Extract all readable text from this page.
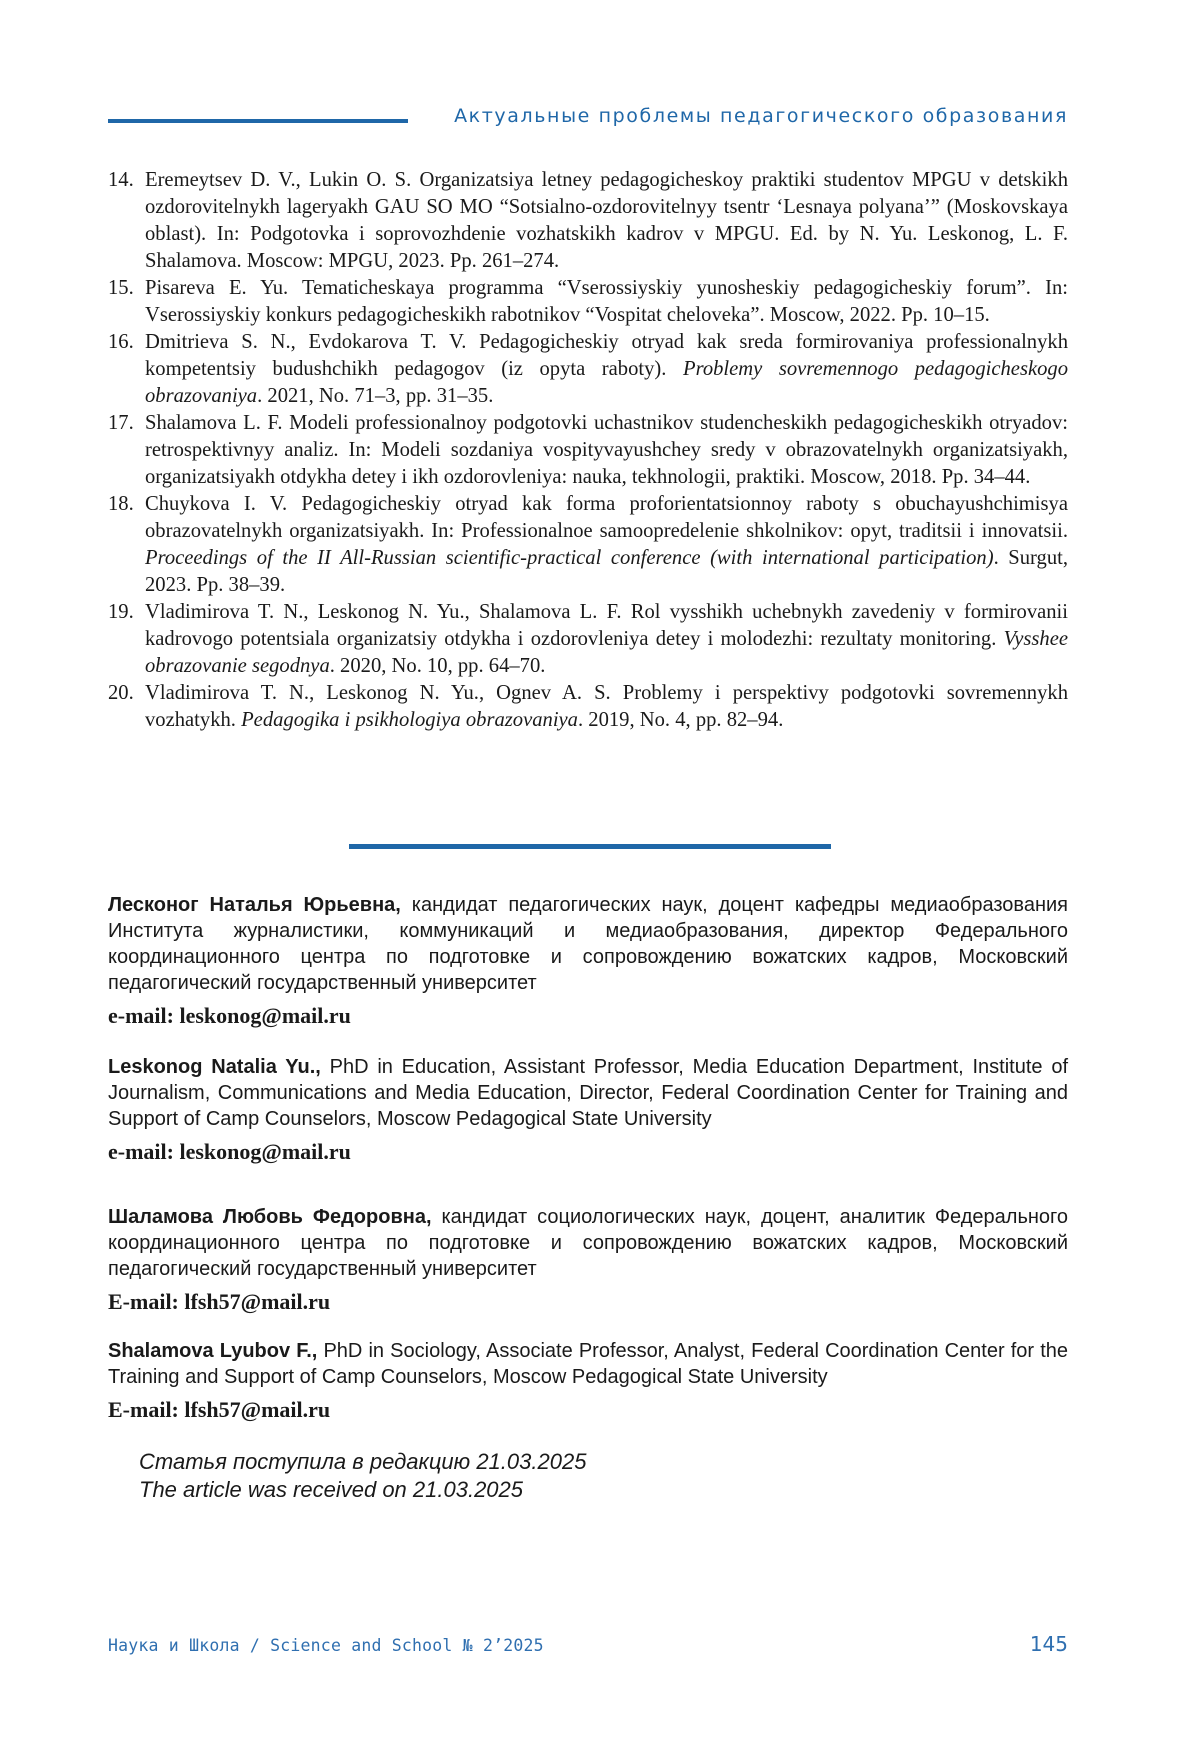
Актуальные проблемы педагогического образования
14. Eremeytsev D. V., Lukin O. S. Organizatsiya letney pedagogicheskoy praktiki studentov MPGU v detskikh ozdorovitelnykh lageryakh GAU SO MO “Sotsialno-ozdorovitelnyy tsentr ‘Lesnaya polyana’” (Moskovskaya oblast). In: Podgotovka i soprovozhdenie vozhatskikh kadrov v MPGU. Ed. by N. Yu. Leskonog, L. F. Shalamova. Moscow: MPGU, 2023. Pp. 261–274.
15. Pisareva E. Yu. Tematicheskaya programma “Vserossiyskiy yunosheskiy pedagogicheskiy forum”. In: Vserossiyskiy konkurs pedagogicheskikh rabotnikov “Vospitat cheloveka”. Moscow, 2022. Pp. 10–15.
16. Dmitrieva S. N., Evdokarova T. V. Pedagogicheskiy otryad kak sreda formirovaniya professionalnykh kompetentsiy budushchikh pedagogov (iz opyta raboty). Problemy sovremennogo pedagogicheskogo obrazovaniya. 2021, No. 71–3, pp. 31–35.
17. Shalamova L. F. Modeli professionalnoy podgotovki uchastnikov studencheskikh pedagogicheskikh otryadov: retrospektivnyy analiz. In: Modeli sozdaniya vospityvayushchey sredy v obrazovatelnykh organizatsiyakh, organizatsiyakh otdykha detey i ikh ozdorovleniya: nauka, tekhnologii, praktiki. Moscow, 2018. Pp. 34–44.
18. Chuykova I. V. Pedagogicheskiy otryad kak forma proforientatsionnoy raboty s obuchayushchimisya obrazovatelnykh organizatsiyakh. In: Professionalnoe samoopredelenie shkolnikov: opyt, traditsii i innovatsii. Proceedings of the II All-Russian scientific-practical conference (with international participation). Surgut, 2023. Pp. 38–39.
19. Vladimirova T. N., Leskonog N. Yu., Shalamova L. F. Rol vysshikh uchebnykh zavedeniy v formirovanii kadrovogo potentsiala organizatsiy otdykha i ozdorovleniya detey i molodezhi: rezultaty monitoring. Vysshee obrazovanie segodnya. 2020, No. 10, pp. 64–70.
20. Vladimirova T. N., Leskonog N. Yu., Ognev A. S. Problemy i perspektivy podgotovki sovremennykh vozhatykh. Pedagogika i psikhologiya obrazovaniya. 2019, No. 4, pp. 82–94.

Лесконог Наталья Юрьевна, кандидат педагогических наук, доцент кафедры медиаобразования Института журналистики, коммуникаций и медиаобразования, директор Федерального координационного центра по подготовке и сопровождению вожатских кадров, Московский педагогический государственный университет

e-mail: leskonog@mail.ru

Leskonog Natalia Yu., PhD in Education, Assistant Professor, Media Education Department, Institute of Journalism, Communications and Media Education, Director, Federal Coordination Center for Training and Support of Camp Counselors, Moscow Pedagogical State University

e-mail: leskonog@mail.ru

Шаламова Любовь Федоровна, кандидат социологических наук, доцент, аналитик Федерального координационного центра по подготовке и сопровождению вожатских кадров, Московский педагогический государственный университет

E-mail: lfsh57@mail.ru

Shalamova Lyubov F., PhD in Sociology, Associate Professor, Analyst, Federal Coordination Center for the Training and Support of Camp Counselors, Moscow Pedagogical State University

E-mail: lfsh57@mail.ru
Статья поступила в редакцию 21.03.2025
The article was received on 21.03.2025
Наука и Школа / Science and School № 2’2025	145
